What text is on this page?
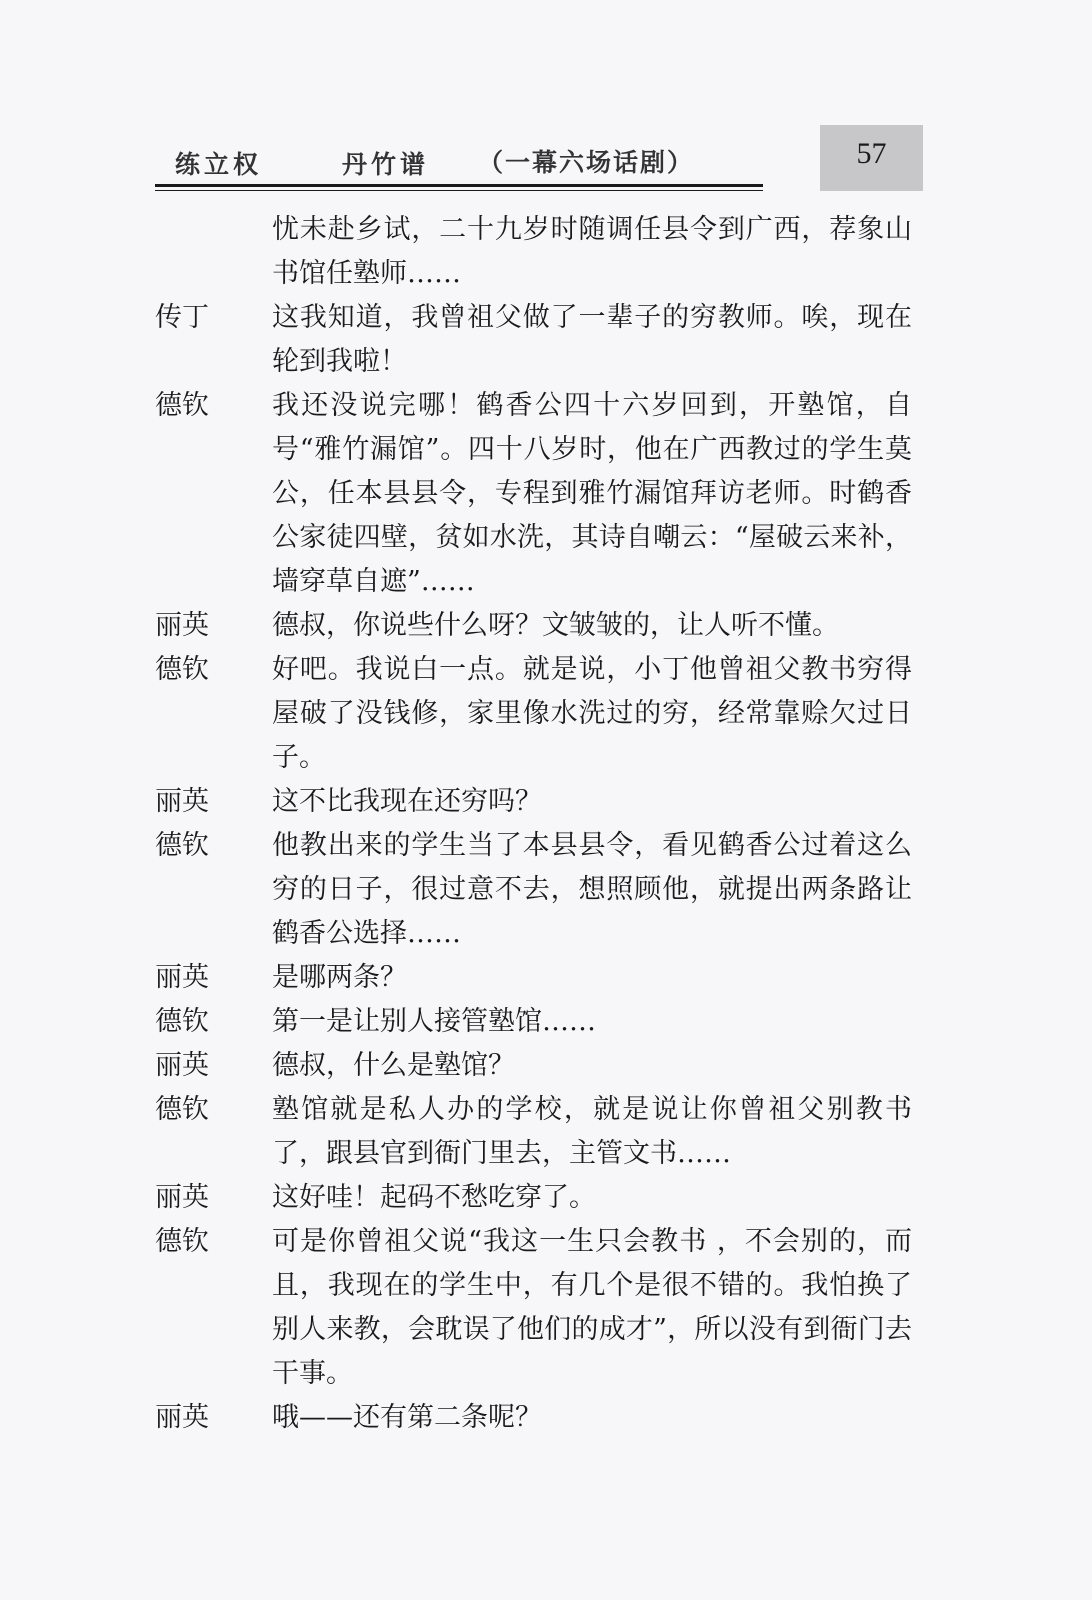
练立权	丹竹谱 （一幕六场话剧）	57
忧未赴乡试，二十九岁时随调任县令到广西，荐象山书馆任塾师……
传丁	这我知道，我曾祖父做了一辈子的穷教师。唉，现在轮到我啦！
德钦	我还没说完哪！鹤香公四十六岁回到，开塾馆，自号“雅竹漏馆”。四十八岁时，他在广西教过的学生莫公，任本县县令，专程到雅竹漏馆拜访老师。时鹤香公家徒四壁，贫如水洗，其诗自嘲云：“屋破云来补，墙穿草自遮”……
丽英	德叔，你说些什么呀？文皱皱的，让人听不懂。
德钦	好吧。我说白一点。就是说，小丁他曾祖父教书穷得屋破了没钱修，家里像水洗过的穷，经常靠赊欠过日子。
丽英	这不比我现在还穷吗？
德钦	他教出来的学生当了本县县令，看见鹤香公过着这么穷的日子，很过意不去，想照顾他，就提出两条路让鹤香公选择……
丽英	是哪两条？
德钦	第一是让别人接管塾馆……
丽英	德叔，什么是塾馆？
德钦	塾馆就是私人办的学校，就是说让你曾祖父别教书了，跟县官到衙门里去，主管文书……
丽英	这好哇！起码不愁吃穿了。
德钦	可是你曾祖父说“我这一生只会教书 ，不会别的，而且，我现在的学生中，有几个是很不错的。我怕换了别人来教，会耽误了他们的成才”，所以没有到衙门去干事。
丽英	哦——还有第二条呢？
